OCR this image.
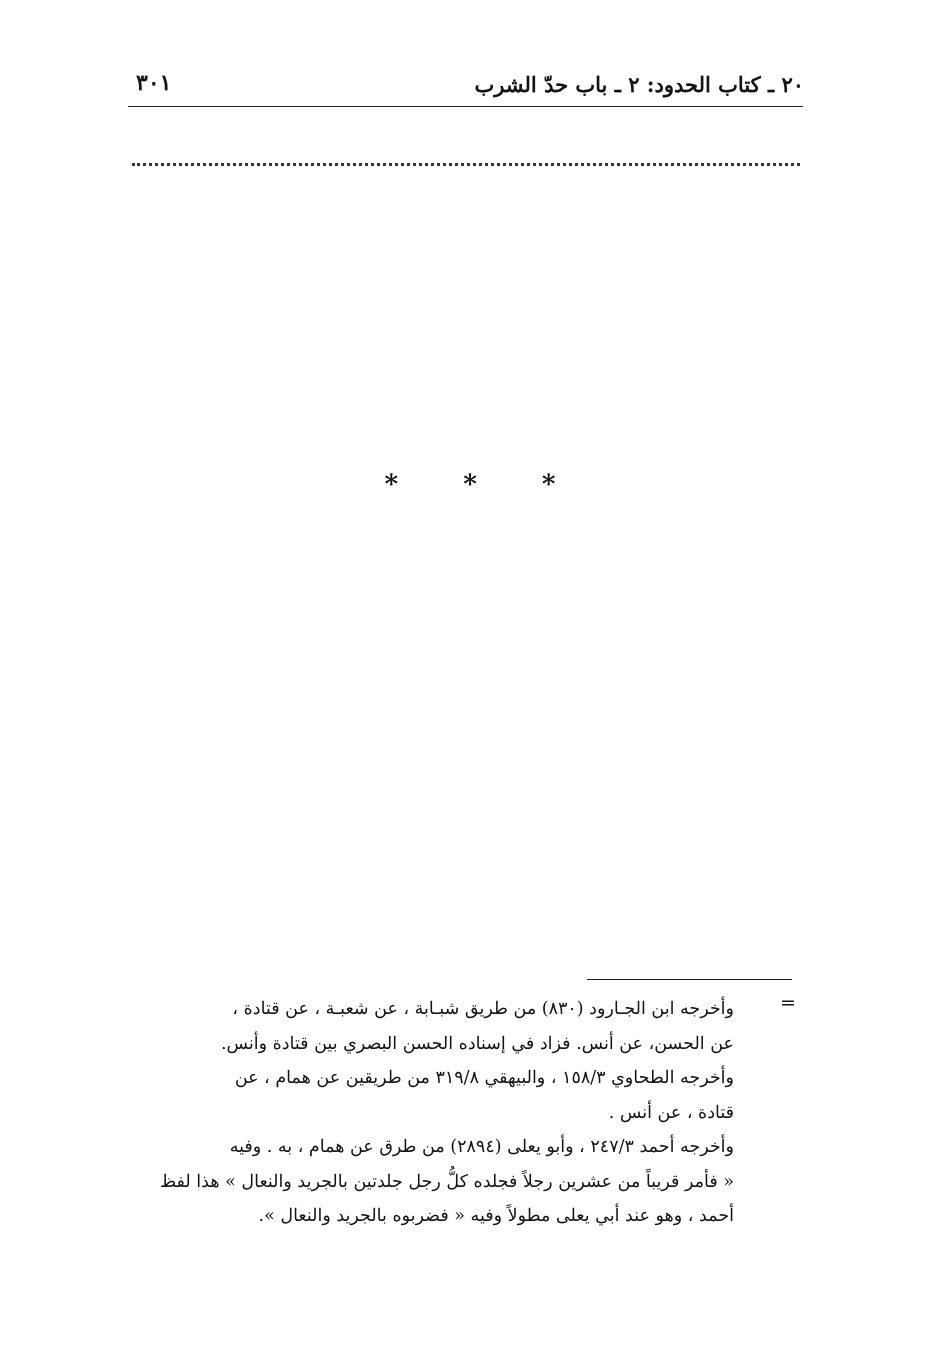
٢٠ ـ كتاب الحدود: ٢ ـ باب حدّ الشرب
٣٠١
* * *
=

وأخرجه ابن الجـارود (٨٣٠) من طريق شبـابة ، عن شعبـة ، عن قتادة ،
عن الحسن، عن أنس. فزاد في إسناده الحسن البصري بين قتادة وأنس.

وأخرجه الطحاوي ١٥٨/٣ ، والبيهقي ٣١٩/٨ من طريقين عن همام ، عن
قتادة ، عن أنس .

وأخرجه أحمد ٢٤٧/٣ ، وأبو يعلى (٢٨٩٤) من طرق عن همام ، به . وفيه
« فأمر قريباً من عشرين رجلاً فجلده كلُّ رجل جلدتين بالجريد والنعال » هذا لفظ
أحمد ، وهو عند أبي يعلى مطولاً وفيه « فضربوه بالجريد والنعال ».
